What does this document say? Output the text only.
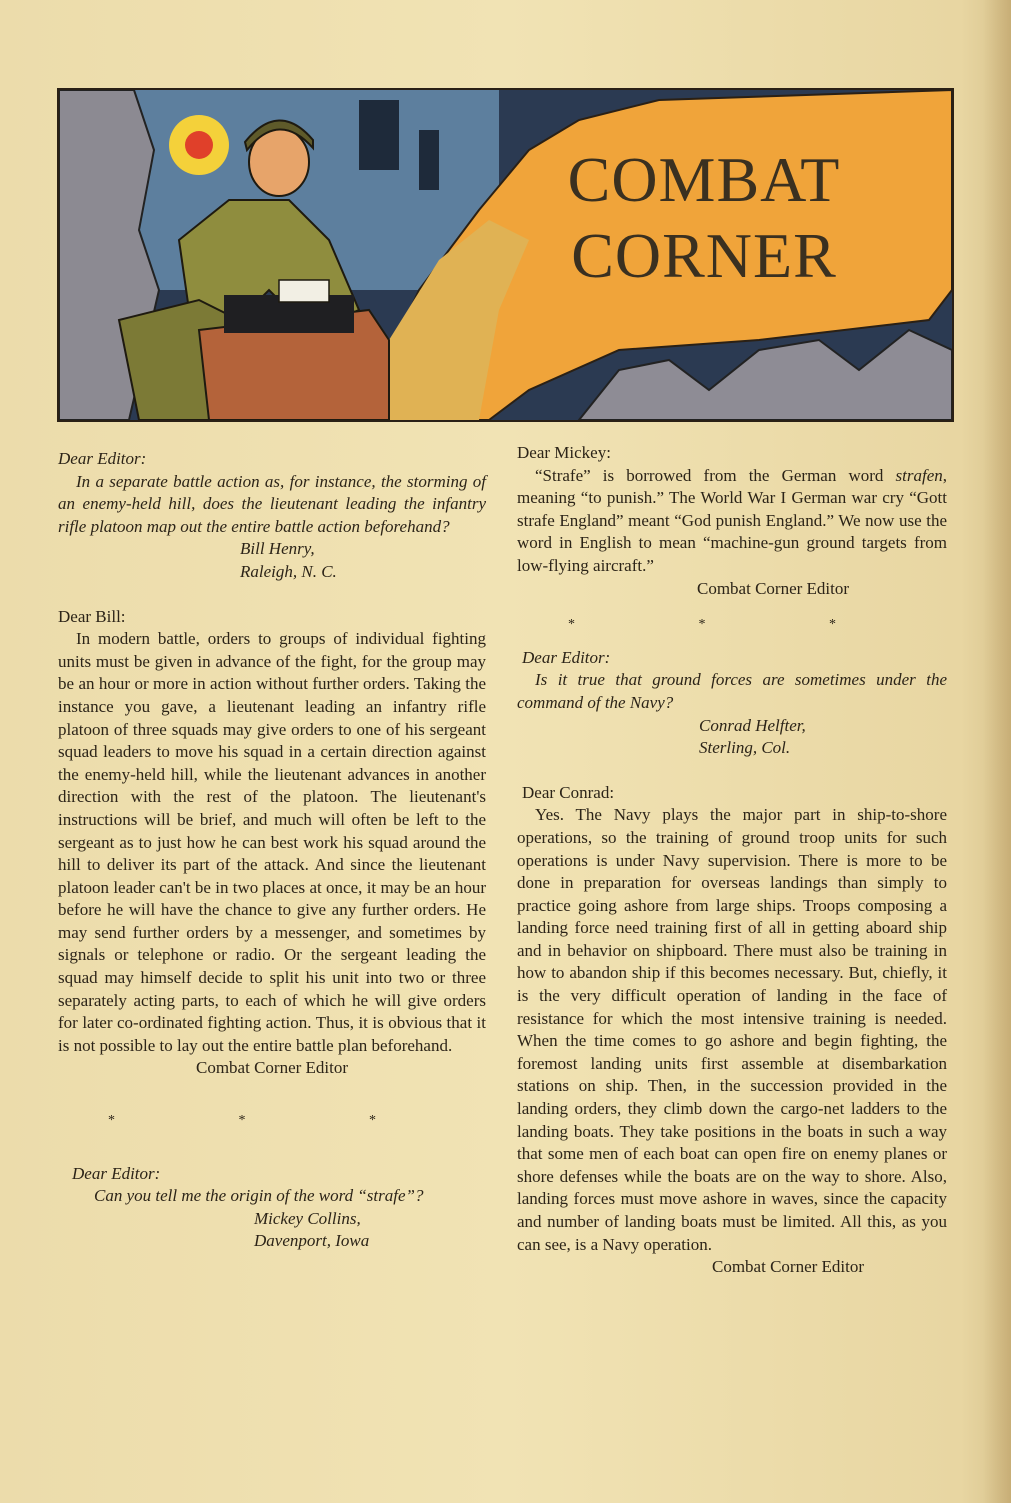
COMBAT
CORNER

Dear Editor:

In a separate battle action as, for instance, the storming of an enemy-held hill, does the lieutenant leading the infantry rifle platoon map out the entire battle action beforehand?

Bill Henry,

Raleigh, N. C.

Dear Bill:

In modern battle, orders to groups of individual fighting units must be given in advance of the fight, for the group may be an hour or more in action without further orders. Taking the instance you gave, a lieutenant leading an infantry rifle platoon of three squads may give orders to one of his sergeant squad leaders to move his squad in a certain direction against the enemy-held hill, while the lieutenant advances in another direction with the rest of the platoon. The lieutenant's instructions will be brief, and much will often be left to the sergeant as to just how he can best work his squad around the hill to deliver its part of the attack. And since the lieutenant platoon leader can't be in two places at once, it may be an hour before he will have the chance to give any further orders. He may send further orders by a messenger, and sometimes by signals or telephone or radio. Or the sergeant leading the squad may himself decide to split his unit into two or three separately acting parts, to each of which he will give orders for later co-ordinated fighting action. Thus, it is obvious that it is not possible to lay out the entire battle plan beforehand.

Combat Corner Editor

* * *

Dear Editor:

Can you tell me the origin of the word “strafe”?

Mickey Collins,

Davenport, Iowa

Dear Mickey:

“Strafe” is borrowed from the German word strafen, meaning “to punish.” The World War I German war cry “Gott strafe England” meant “God punish England.” We now use the word in English to mean “machine-gun ground targets from low-flying aircraft.”

Combat Corner Editor

* * *

Dear Editor:

Is it true that ground forces are sometimes under the command of the Navy?

Conrad Helfter,

Sterling, Col.

Dear Conrad:

Yes. The Navy plays the major part in ship-to-shore operations, so the training of ground troop units for such operations is under Navy supervision. There is more to be done in preparation for overseas landings than simply to practice going ashore from large ships. Troops composing a landing force need training first of all in getting aboard ship and in behavior on shipboard. There must also be training in how to abandon ship if this becomes necessary. But, chiefly, it is the very difficult operation of landing in the face of resistance for which the most intensive training is needed. When the time comes to go ashore and begin fighting, the foremost landing units first assemble at disembarkation stations on ship. Then, in the succession provided in the landing orders, they climb down the cargo-net ladders to the landing boats. They take positions in the boats in such a way that some men of each boat can open fire on enemy planes or shore defenses while the boats are on the way to shore. Also, landing forces must move ashore in waves, since the capacity and number of landing boats must be limited. All this, as you can see, is a Navy operation.

Combat Corner Editor
